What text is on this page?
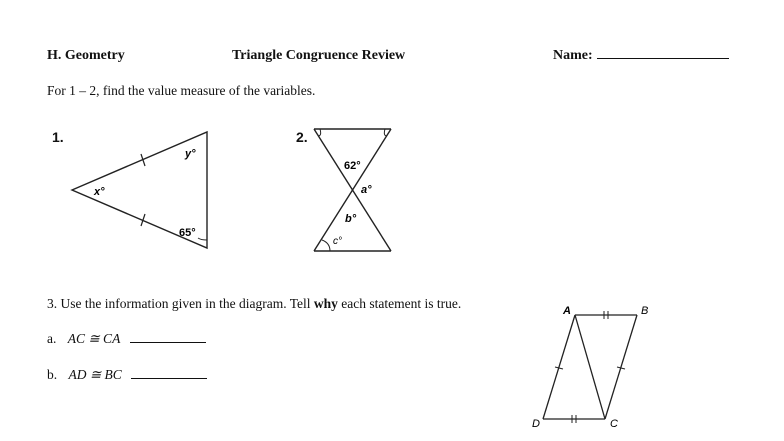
H. Geometry	Triangle Congruence Review	Name:
For 1 – 2, find the value measure of the variables.
1.
y°
x°
65°
2.
62°
a°
b°
c°
3. Use the information given in the diagram. Tell why each statement is true.
a. AC ≅ CA
b. AD ≅ BC
A	B
D	C
